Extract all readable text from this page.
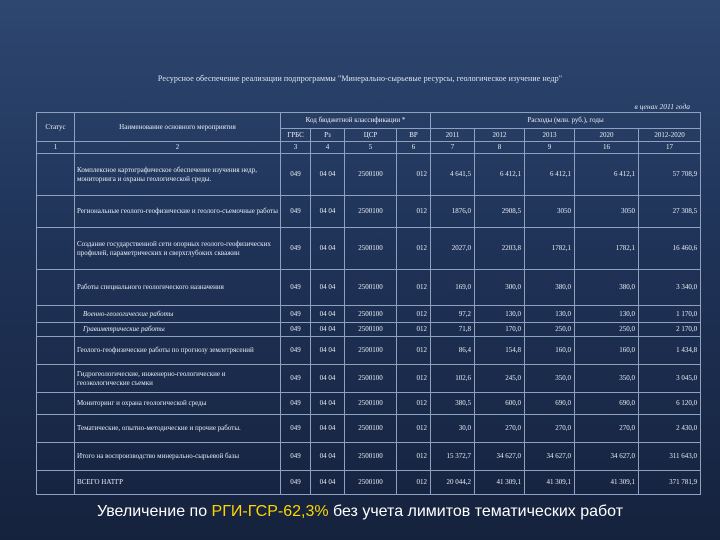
Ресурсное обеспечение реализации подпрограммы "Минерально-сырьевые ресурсы, геологическое изучение недр"
в ценах 2011 года
Статус	Наименование основного мероприятия	Код бюджетной классификации *				Расходы (млн. руб.), годы				
		ГРБС	Рз	ЦСР	ВР	2011	2012	2013	2020	2012-2020
1	2	3	4	5	6	7	8	9	16	17
	Комплексное картографическое обеспечение изучения недр, мониторинга и охраны геологической среды.	049	04 04	2500100	012	4 641,5	6 412,1	6 412,1	6 412,1	57 708,9
	Региональные геолого-геофизические и геолого-съемочные работы	049	04 04	2500100	012	1876,0	2908,5	3050	3050	27 308,5
	Создание государственной сети опорных геолого-геофизических профилей, параметрических и сверхглубоких скважин	049	04 04	2500100	012	2027,0	2203,8	1782,1	1782,1	16 460,6
	Работы специального геологического назначения	049	04 04	2500100	012	169,0	300,0	380,0	380,0	3 340,0
	Военно-геологические работы	049	04 04	2500100	012	97,2	130,0	130,0	130,0	1 170,0
	Гравиметрические работы	049	04 04	2500100	012	71,8	170,0	250,0	250,0	2 170,0
	Геолого-геофизические работы по прогнозу землетрясений	049	04 04	2500100	012	86,4	154,8	160,0	160,0	1 434,8
	Гидрогеологические, инженерно-геологические и геоэкологические съемки	049	04 04	2500100	012	102,6	245,0	350,0	350,0	3 045,0
	Мониторинг и охрана геологической среды	049	04 04	2500100	012	380,5	600,0	690,0	690,0	6 120,0
	Тематические, опытно-методические и прочие работы.	049	04 04	2500100	012	30,0	270,0	270,0	270,0	2 430,0
	Итого на воспроизводство минерально-сырьевой базы	049	04 04	2500100	012	15 372,7	34 627,0	34 627,0	34 627,0	311 643,0
	ВСЕГО НАТГР	049	04 04	2500100	012	20 044,2	41 309,1	41 309,1	41 309,1	371 781,9
Увеличение по РГИ-ГСР-62,3% без учета лимитов тематических работ
